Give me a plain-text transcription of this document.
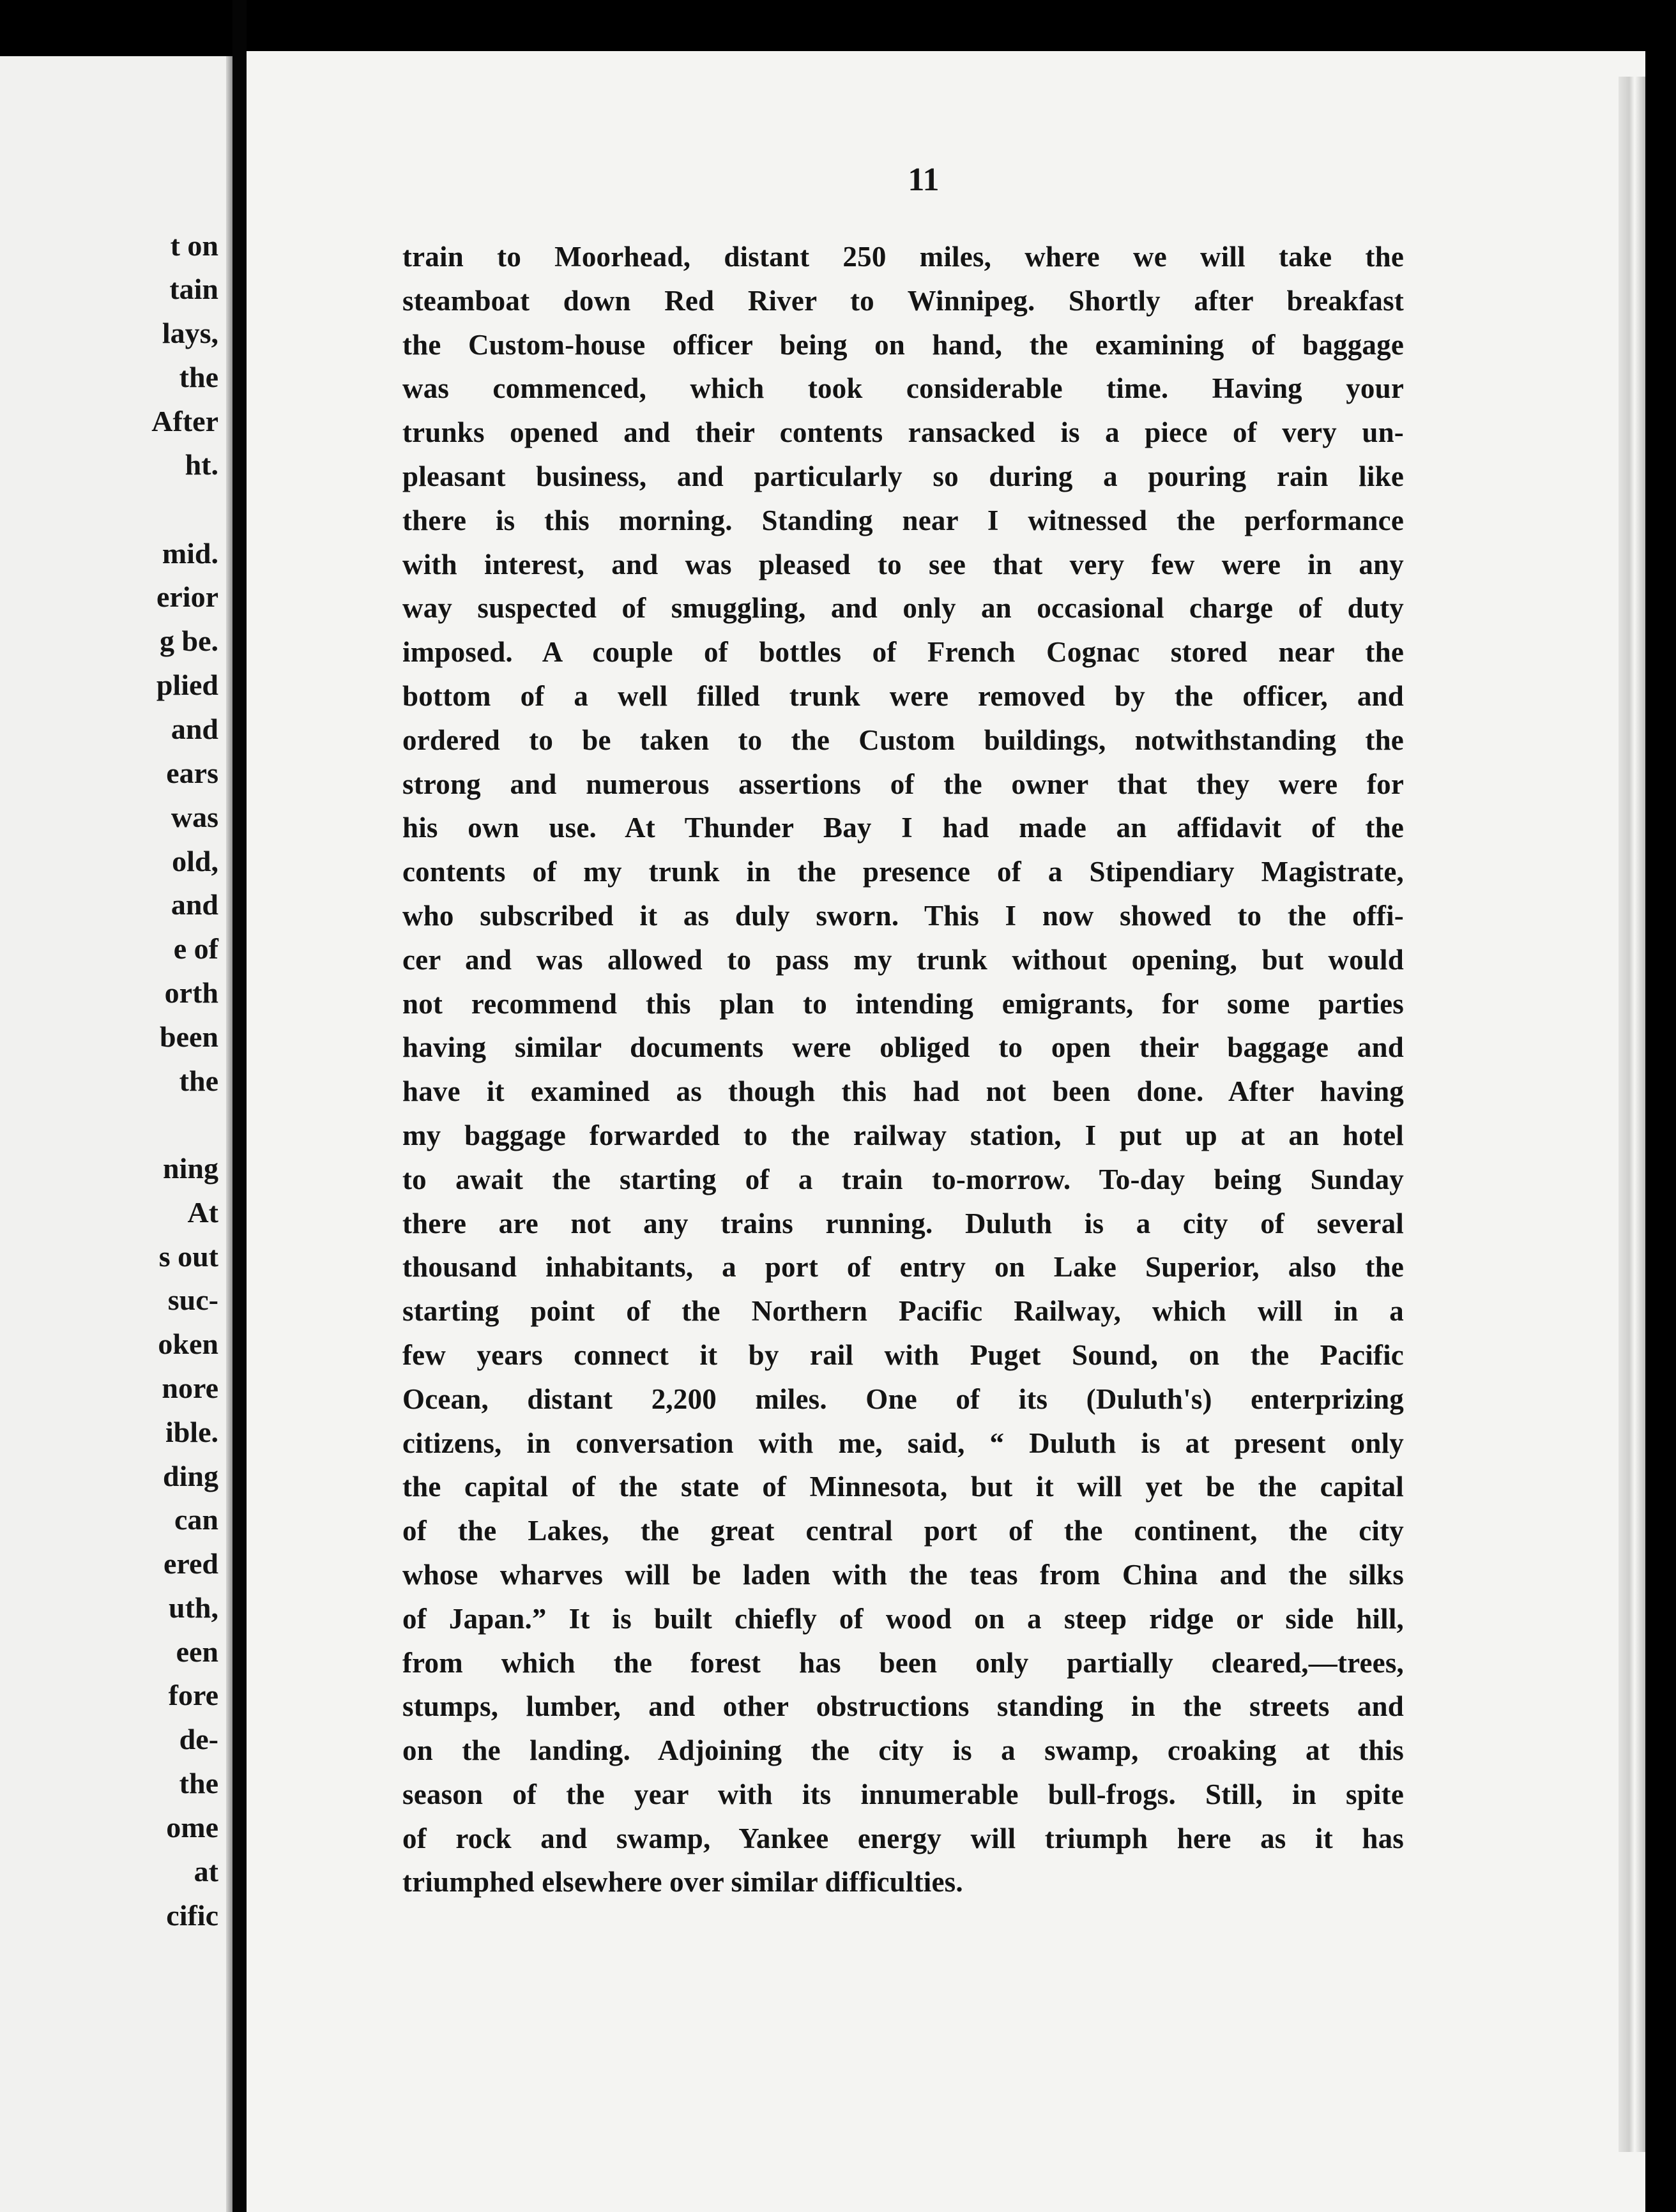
t on
tain
lays,
the
After
ht.
mid.
erior
g be.
plied
and
ears
was
old,
and
e of
orth
been
the
ning
At
s out
suc-
oken
nore
ible.
ding
can
ered
uth,
een
fore
de-
the
ome
at
cific
11
train to Moorhead, distant 250 miles, where we will take the
steamboat down Red River to Winnipeg. Shortly after breakfast
the Custom-house officer being on hand, the examining of baggage
was commenced, which took considerable time. Having your
trunks opened and their contents ransacked is a piece of very un-
pleasant business, and particularly so during a pouring rain like
there is this morning. Standing near I witnessed the performance
with interest, and was pleased to see that very few were in any
way suspected of smuggling, and only an occasional charge of duty
imposed. A couple of bottles of French Cognac stored near the
bottom of a well filled trunk were removed by the officer, and
ordered to be taken to the Custom buildings, notwithstanding the
strong and numerous assertions of the owner that they were for
his own use. At Thunder Bay I had made an affidavit of the
contents of my trunk in the presence of a Stipendiary Magistrate,
who subscribed it as duly sworn. This I now showed to the offi-
cer and was allowed to pass my trunk without opening, but would
not recommend this plan to intending emigrants, for some parties
having similar documents were obliged to open their baggage and
have it examined as though this had not been done. After having
my baggage forwarded to the railway station, I put up at an hotel
to await the starting of a train to-morrow. To-day being Sunday
there are not any trains running. Duluth is a city of several
thousand inhabitants, a port of entry on Lake Superior, also the
starting point of the Northern Pacific Railway, which will in a
few years connect it by rail with Puget Sound, on the Pacific
Ocean, distant 2,200 miles. One of its (Duluth's) enterprizing
citizens, in conversation with me, said, “ Duluth is at present only
the capital of the state of Minnesota, but it will yet be the capital
of the Lakes, the great central port of the continent, the city
whose wharves will be laden with the teas from China and the silks
of Japan.” It is built chiefly of wood on a steep ridge or side hill,
from which the forest has been only partially cleared,—trees,
stumps, lumber, and other obstructions standing in the streets and
on the landing. Adjoining the city is a swamp, croaking at this
season of the year with its innumerable bull-frogs. Still, in spite
of rock and swamp, Yankee energy will triumph here as it has
triumphed elsewhere over similar difficulties.
